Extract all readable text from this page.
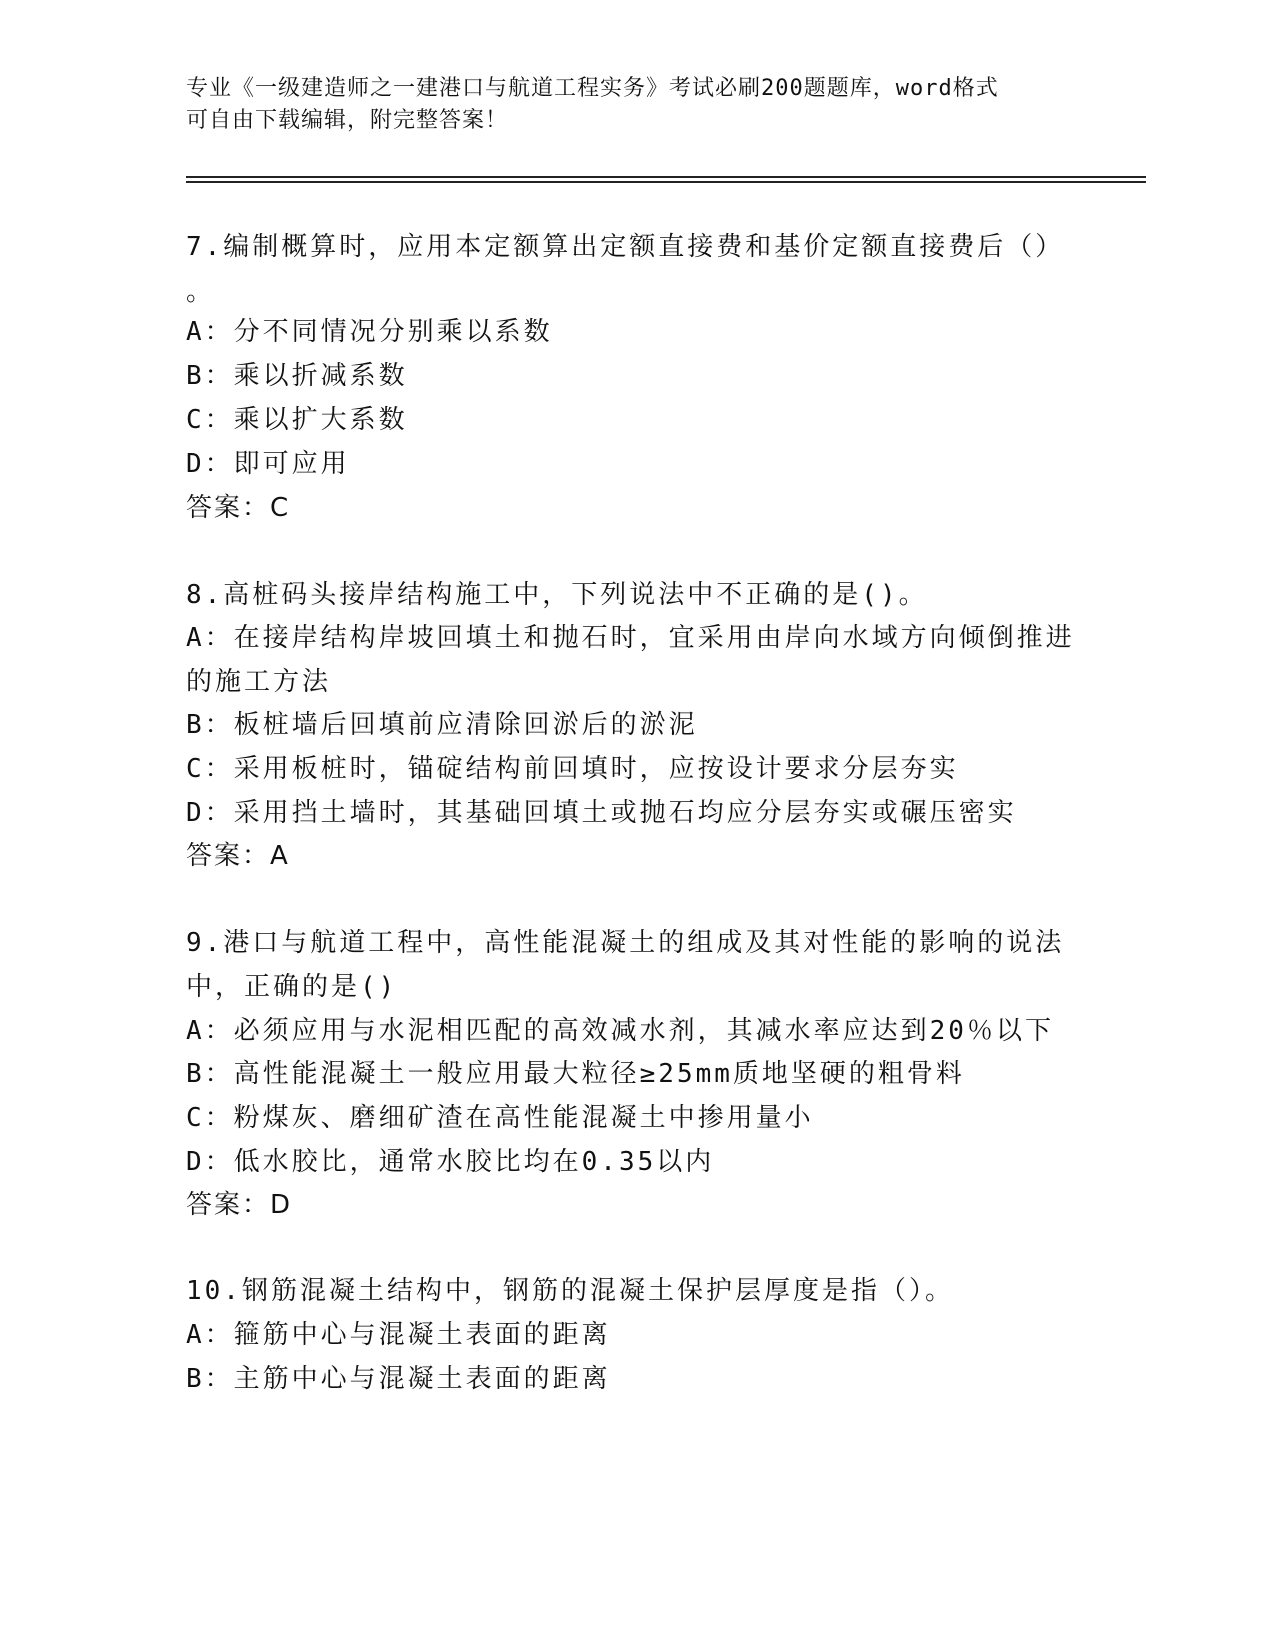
专业《一级建造师之一建港口与航道工程实务》考试必刷200题题库，word格式
可自由下载编辑，附完整答案！
7.编制概算时，应用本定额算出定额直接费和基价定额直接费后（）
。
A：分不同情况分别乘以系数
B：乘以折减系数
C：乘以扩大系数
D：即可应用
答案：C
8.高桩码头接岸结构施工中，下列说法中不正确的是()。
A：在接岸结构岸坡回填土和抛石时，宜采用由岸向水域方向倾倒推进
的施工方法
B：板桩墙后回填前应清除回淤后的淤泥
C：采用板桩时，锚碇结构前回填时，应按设计要求分层夯实
D：采用挡土墙时，其基础回填土或抛石均应分层夯实或碾压密实
答案：A
9.港口与航道工程中，高性能混凝土的组成及其对性能的影响的说法
中，正确的是()
A：必须应用与水泥相匹配的高效减水剂，其减水率应达到20％以下
B：高性能混凝土一般应用最大粒径≥25mm质地坚硬的粗骨料
C：粉煤灰、磨细矿渣在高性能混凝土中掺用量小
D：低水胶比，通常水胶比均在0.35以内
答案：D
10.钢筋混凝土结构中，钢筋的混凝土保护层厚度是指（）。
A：箍筋中心与混凝土表面的距离
B：主筋中心与混凝土表面的距离
